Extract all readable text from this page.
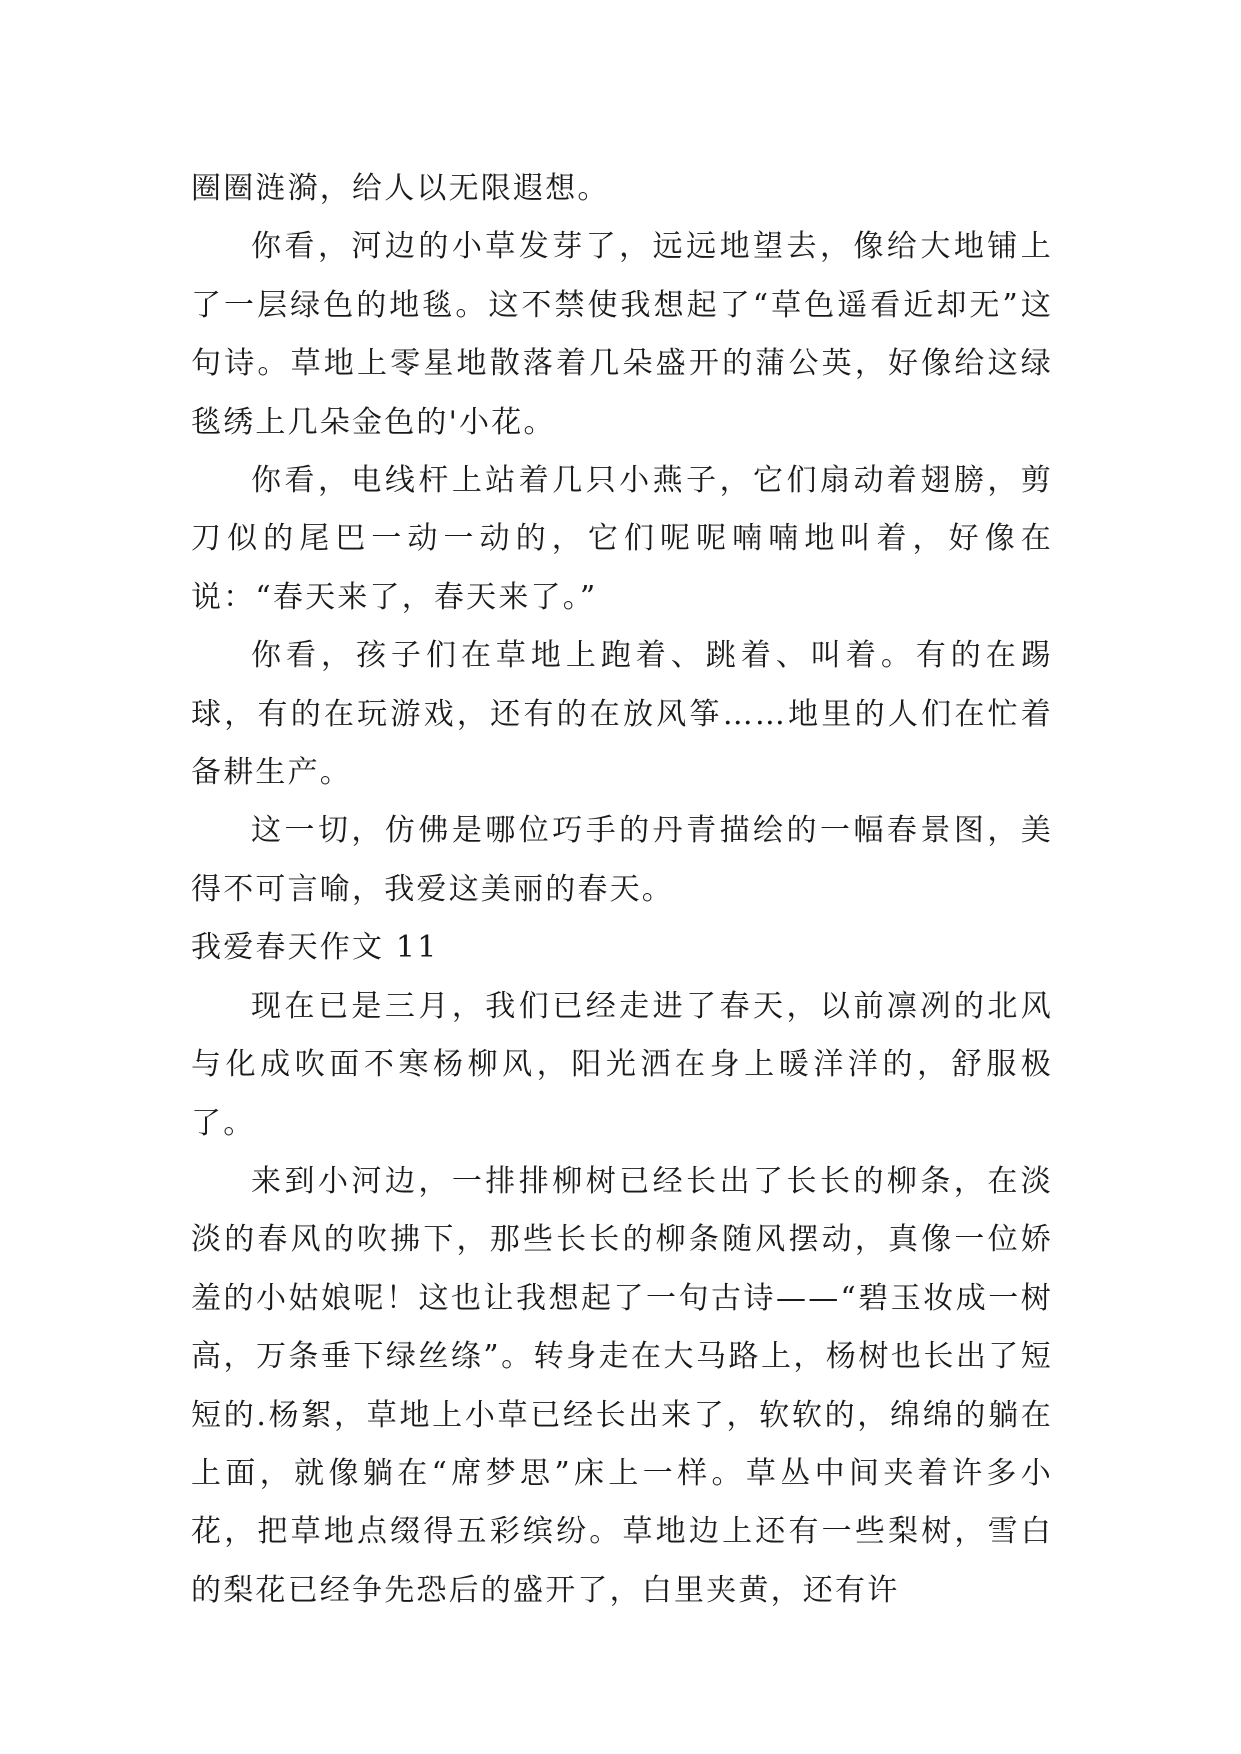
圈圈涟漪，给人以无限遐想。

你看，河边的小草发芽了，远远地望去，像给大地铺上了一层绿色的地毯。这不禁使我想起了“草色遥看近却无”这句诗。草地上零星地散落着几朵盛开的蒲公英，好像给这绿毯绣上几朵金色的'小花。

你看，电线杆上站着几只小燕子，它们扇动着翅膀，剪刀似的尾巴一动一动的，它们呢呢喃喃地叫着，好像在说：“春天来了，春天来了。”

你看，孩子们在草地上跑着、跳着、叫着。有的在踢球，有的在玩游戏，还有的在放风筝……地里的人们在忙着备耕生产。

这一切，仿佛是哪位巧手的丹青描绘的一幅春景图，美得不可言喻，我爱这美丽的春天。

我爱春天作文 11

现在已是三月，我们已经走进了春天，以前凛冽的北风与化成吹面不寒杨柳风，阳光洒在身上暖洋洋的，舒服极了。

来到小河边，一排排柳树已经长出了长长的柳条，在淡淡的春风的吹拂下，那些长长的柳条随风摆动，真像一位娇羞的小姑娘呢！这也让我想起了一句古诗——“碧玉妆成一树高，万条垂下绿丝绦”。转身走在大马路上，杨树也长出了短短的.杨絮，草地上小草已经长出来了，软软的，绵绵的躺在上面，就像躺在“席梦思”床上一样。草丛中间夹着许多小花，把草地点缀得五彩缤纷。草地边上还有一些梨树，雪白的梨花已经争先恐后的盛开了，白里夹黄，还有许
